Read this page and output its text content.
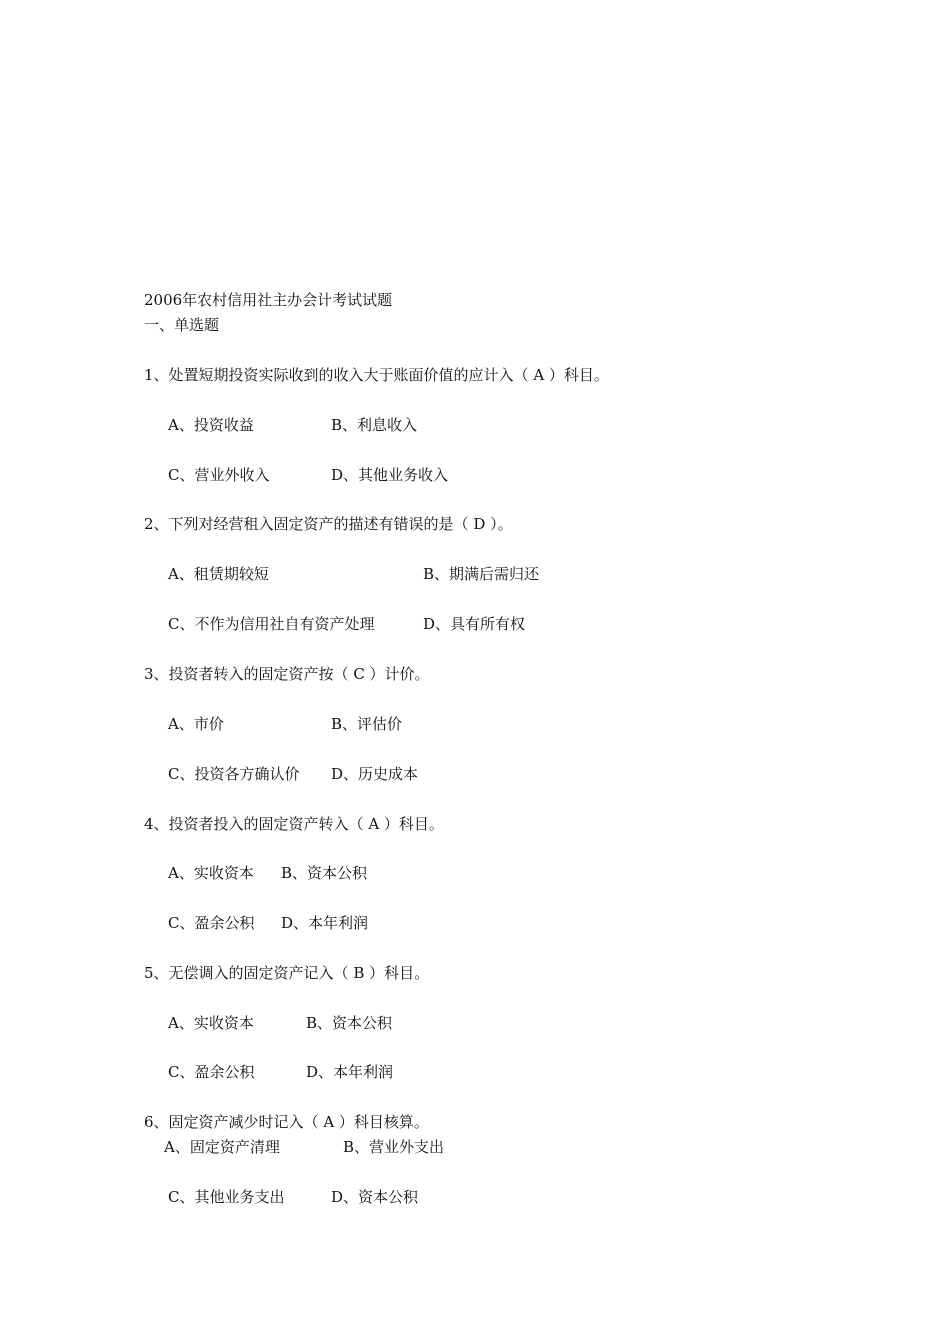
2006年农村信用社主办会计考试试题
一、单选题
1、处置短期投资实际收到的收入大于账面价值的应计入（ A ）科目。
A、投资收益	B、利息收入
C、营业外收入	D、其他业务收入
2、下列对经营租入固定资产的描述有错误的是（ D ）。
A、租赁期较短	B、期满后需归还
C、不作为信用社自有资产处理	D、具有所有权
3、投资者转入的固定资产按（ C ）计价。
A、市价	B、评估价
C、投资各方确认价 D、历史成本
4、投资者投入的固定资产转入（ A ）科目。
A、实收资本 B、资本公积
C、盈余公积 D、本年利润
5、无偿调入的固定资产记入（ B ）科目。
A、实收资本	B、资本公积
C、盈余公积	D、本年利润
6、固定资产减少时记入（ A ）科目核算。
A、固定资产清理	B、营业外支出
C、其他业务支出	D、资本公积
